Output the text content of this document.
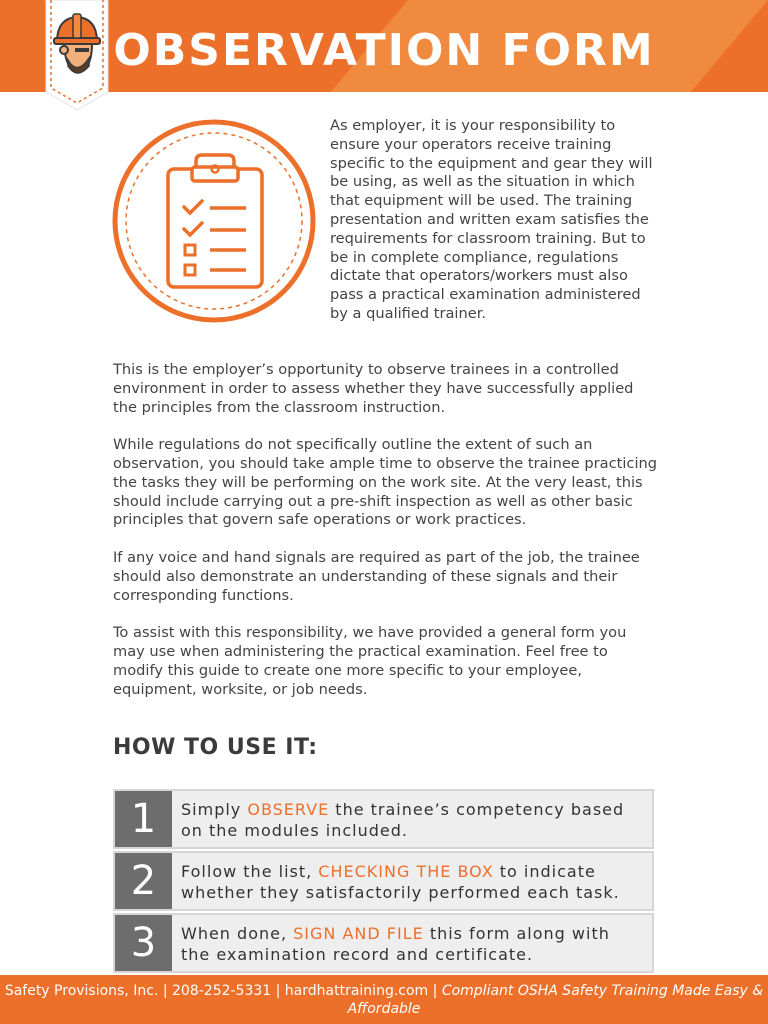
OBSERVATION FORM
As employer, it is your responsibility to ensure your operators receive training specific to the equipment and gear they will be using, as well as the situation in which that equipment will be used. The training presentation and written exam satisfies the requirements for classroom training. But to be in complete compliance, regulations dictate that operators/workers must also pass a practical examination administered by a qualified trainer.

This is the employer’s opportunity to observe trainees in a controlled environment in order to assess whether they have successfully applied the principles from the classroom instruction.

While regulations do not specifically outline the extent of such an observation, you should take ample time to observe the trainee practicing the tasks they will be performing on the work site. At the very least, this should include carrying out a pre-shift inspection as well as other basic principles that govern safe operations or work practices.

If any voice and hand signals are required as part of the job, the trainee should also demonstrate an understanding of these signals and their corresponding functions.

To assist with this responsibility, we have provided a general form you may use when administering the practical examination. Feel free to modify this guide to create one more specific to your employee, equipment, worksite, or job needs.

HOW TO USE IT:
1	Simply OBSERVE the trainee’s competency based on the modules included.
2	Follow the list, CHECKING THE BOX to indicate whether they satisfactorily performed each task.
3	When done, SIGN AND FILE this form along with the examination record and certificate.
Safety Provisions, Inc. | 208-252-5331 | hardhattraining.com | Compliant OSHA Safety Training Made Easy & Affordable
